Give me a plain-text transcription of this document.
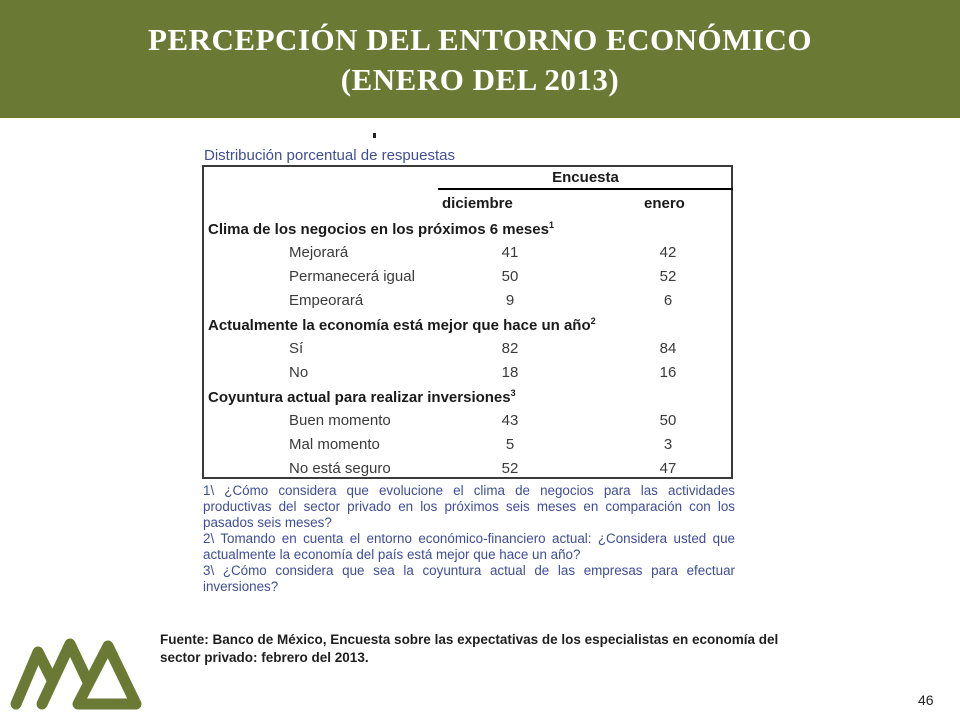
PERCEPCIÓN DEL ENTORNO ECONÓMICO
(ENERO DEL 2013)
Distribución porcentual de respuestas
Encuesta
diciembre	enero
Clima de los negocios en los próximos 6 meses$^1$
Mejorará	41	42
Permanecerá igual	50	52
Empeorará	9	6
Actualmente la economía está mejor que hace un año$^2$
Sí	82	84
No	18	16
Coyuntura actual para realizar inversiones$^3$
Buen momento	43	50
Mal momento	5	3
No está seguro	52	47
1\ ¿Cómo considera que evolucione el clima de negocios para las actividades productivas del sector privado en los próximos seis meses en comparación con los pasados seis meses?
2\ Tomando en cuenta el entorno económico-financiero actual: ¿Considera usted que actualmente la economía del país está mejor que hace un año?
3\ ¿Cómo considera que sea la coyuntura actual de las empresas para efectuar inversiones?
Fuente: Banco de México, Encuesta sobre las expectativas de los especialistas en economía del sector privado: febrero del 2013.
46
